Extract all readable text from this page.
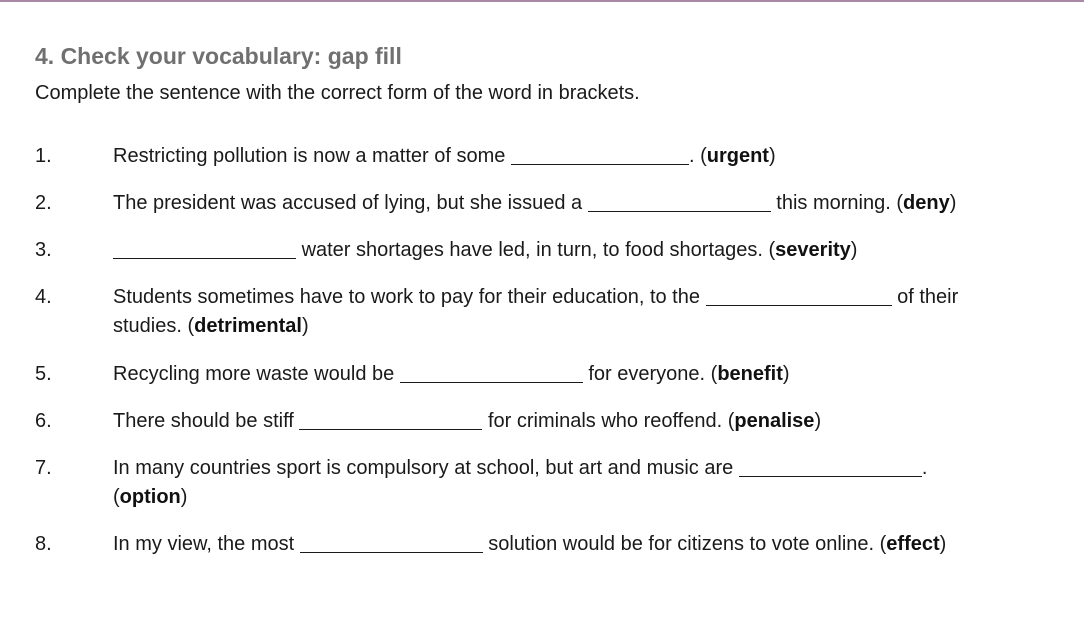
4. Check your vocabulary: gap fill
Complete the sentence with the correct form of the word in brackets.
1.	Restricting pollution is now a matter of some	. (urgent)
2.	The president was accused of lying, but she issued a	this morning. (deny)
3.	water shortages have led, in turn, to food shortages. (severity)
4.	Students sometimes have to work to pay for their education, to the	of their
studies. (detrimental)
5.	Recycling more waste would be	for everyone. (benefit)
6.	There should be stiff	for criminals who reoffend. (penalise)
7.	In many countries sport is compulsory at school, but art and music are	.
(option)
8.	In my view, the most	solution would be for citizens to vote online. (effect)
